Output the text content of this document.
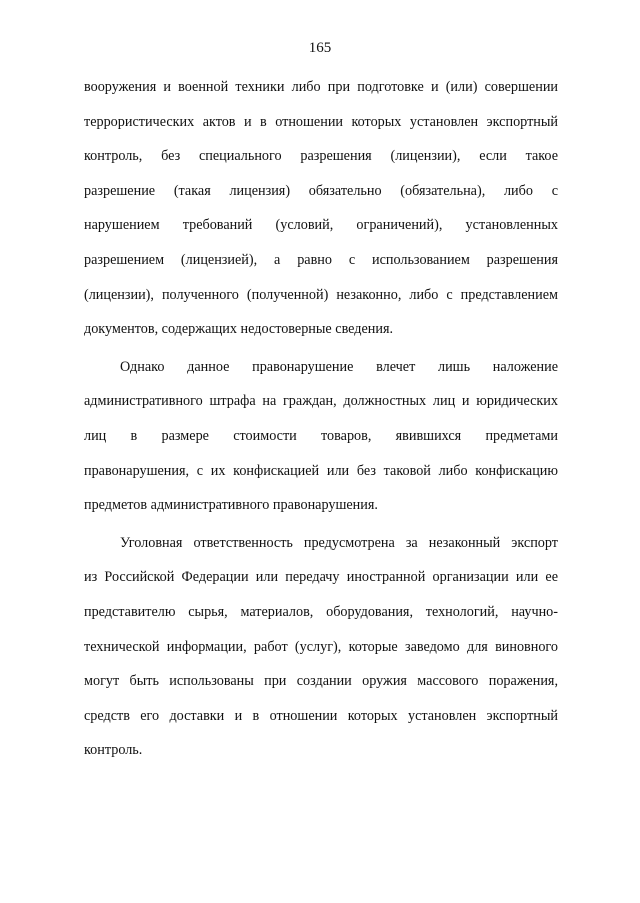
165

вооружения и военной техники либо при подготовке и (или) совершении
террористических актов и в отношении которых установлен экспортный
контроль, без специального разрешения (лицензии), если такое
разрешение (такая лицензия) обязательно (обязательна), либо с
нарушением требований (условий, ограничений), установленных
разрешением (лицензией), а равно с использованием разрешения
(лицензии), полученного (полученной) незаконно, либо с представлением
документов, содержащих недостоверные сведения.

Однако данное правонарушение влечет лишь наложение
административного штрафа на граждан, должностных лиц и юридических
лиц в размере стоимости товаров, явившихся предметами
правонарушения, с их конфискацией или без таковой либо конфискацию
предметов административного правонарушения.

Уголовная ответственность предусмотрена за незаконный экспорт
из Российской Федерации или передачу иностранной организации или ее
представителю сырья, материалов, оборудования, технологий, научно-
технической информации, работ (услуг), которые заведомо для виновного
могут быть использованы при создании оружия массового поражения,
средств его доставки и в отношении которых установлен экспортный
контроль.
